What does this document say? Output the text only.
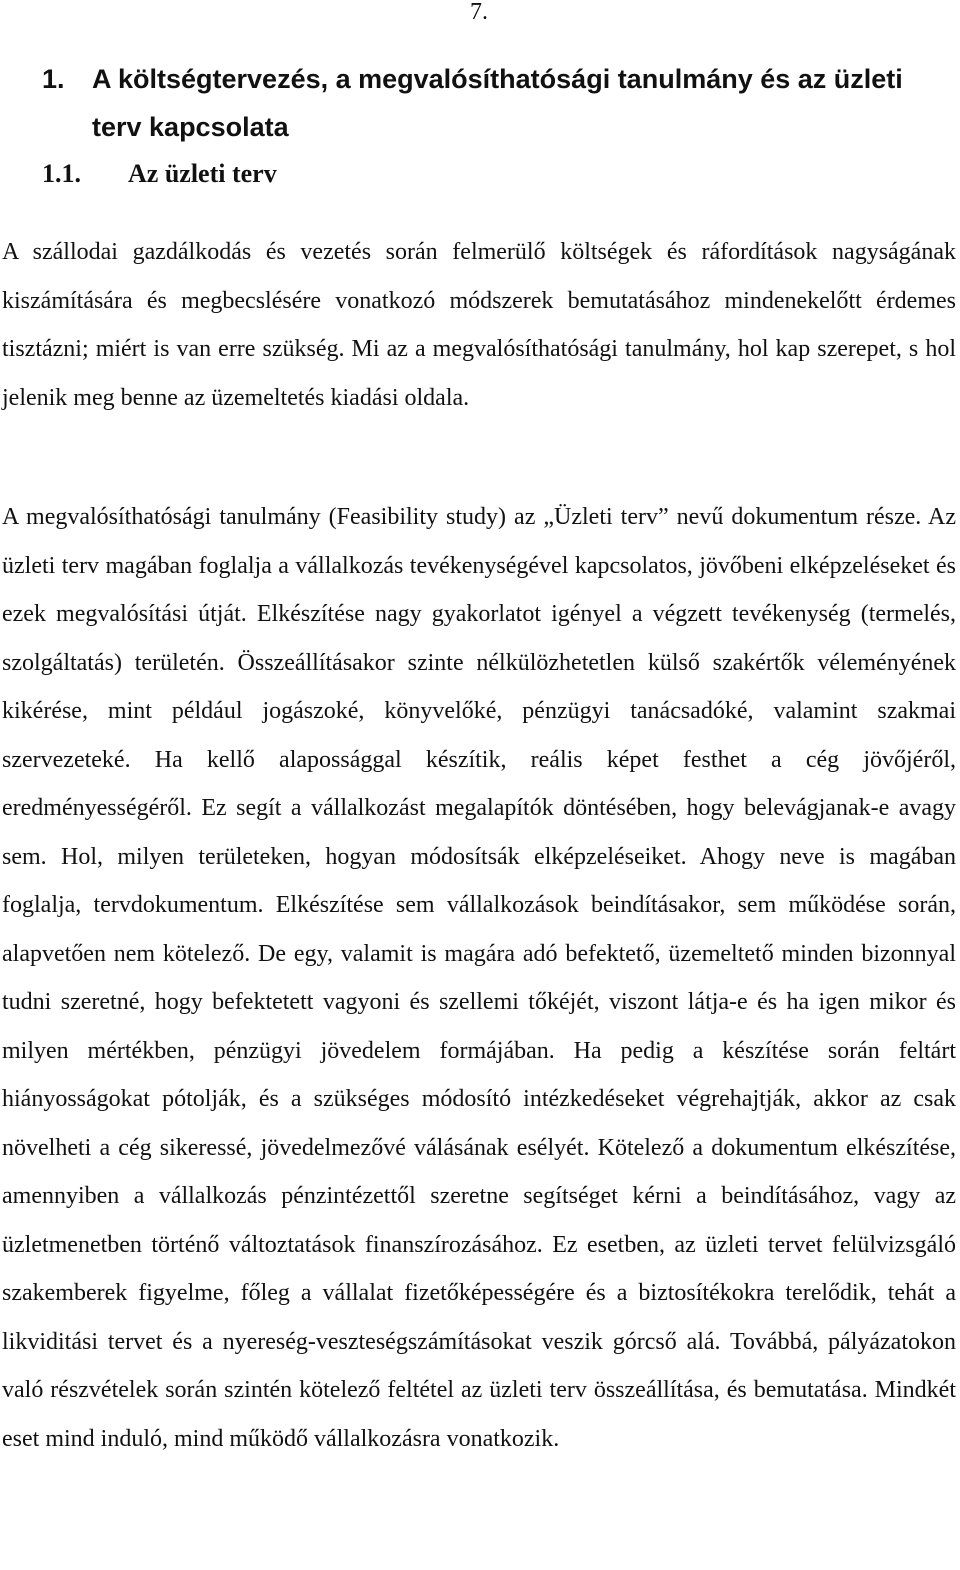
7.
1.	A költségtervezés, a megvalósíthatósági tanulmány és az üzleti terv kapcsolata
1.1.	Az üzleti terv

A szállodai gazdálkodás és vezetés során felmerülő költségek és ráfordítások nagyságának kiszámítására és megbecslésére vonatkozó módszerek bemutatásához mindenekelőtt érdemes tisztázni; miért is van erre szükség. Mi az a megvalósíthatósági tanulmány, hol kap szerepet, s hol jelenik meg benne az üzemeltetés kiadási oldala.

A megvalósíthatósági tanulmány (Feasibility study) az „Üzleti terv” nevű dokumentum része. Az üzleti terv magában foglalja a vállalkozás tevékenységével kapcsolatos, jövőbeni elképzeléseket és ezek megvalósítási útját. Elkészítése nagy gyakorlatot igényel a végzett tevékenység (termelés, szolgáltatás) területén. Összeállításakor szinte nélkülözhetetlen külső szakértők véleményének kikérése, mint például jogászoké, könyvelőké, pénzügyi tanácsadóké, valamint szakmai szervezeteké. Ha kellő alapossággal készítik, reális képet festhet a cég jövőjéről, eredményességéről. Ez segít a vállalkozást megalapítók döntésében, hogy belevágjanak-e avagy sem. Hol, milyen területeken, hogyan módosítsák elképzeléseiket. Ahogy neve is magában foglalja, tervdokumentum. Elkészítése sem vállalkozások beindításakor, sem működése során, alapvetően nem kötelező. De egy, valamit is magára adó befektető, üzemeltető minden bizonnyal tudni szeretné, hogy befektetett vagyoni és szellemi tőkéjét, viszont látja-e és ha igen mikor és milyen mértékben, pénzügyi jövedelem formájában. Ha pedig a készítése során feltárt hiányosságokat pótolják, és a szükséges módosító intézkedéseket végrehajtják, akkor az csak növelheti a cég sikeressé, jövedelmezővé válásának esélyét. Kötelező a dokumentum elkészítése, amennyiben a vállalkozás pénzintézettől szeretne segítséget kérni a beindításához, vagy az üzletmenetben történő változtatások finanszírozásához. Ez esetben, az üzleti tervet felülvizsgáló szakemberek figyelme, főleg a vállalat fizetőképességére és a biztosítékokra terelődik, tehát a likviditási tervet és a nyereség-veszteségszámításokat veszik górcső alá. Továbbá, pályázatokon való részvételek során szintén kötelező feltétel az üzleti terv összeállítása, és bemutatása. Mindkét eset mind induló, mind működő vállalkozásra vonatkozik.
